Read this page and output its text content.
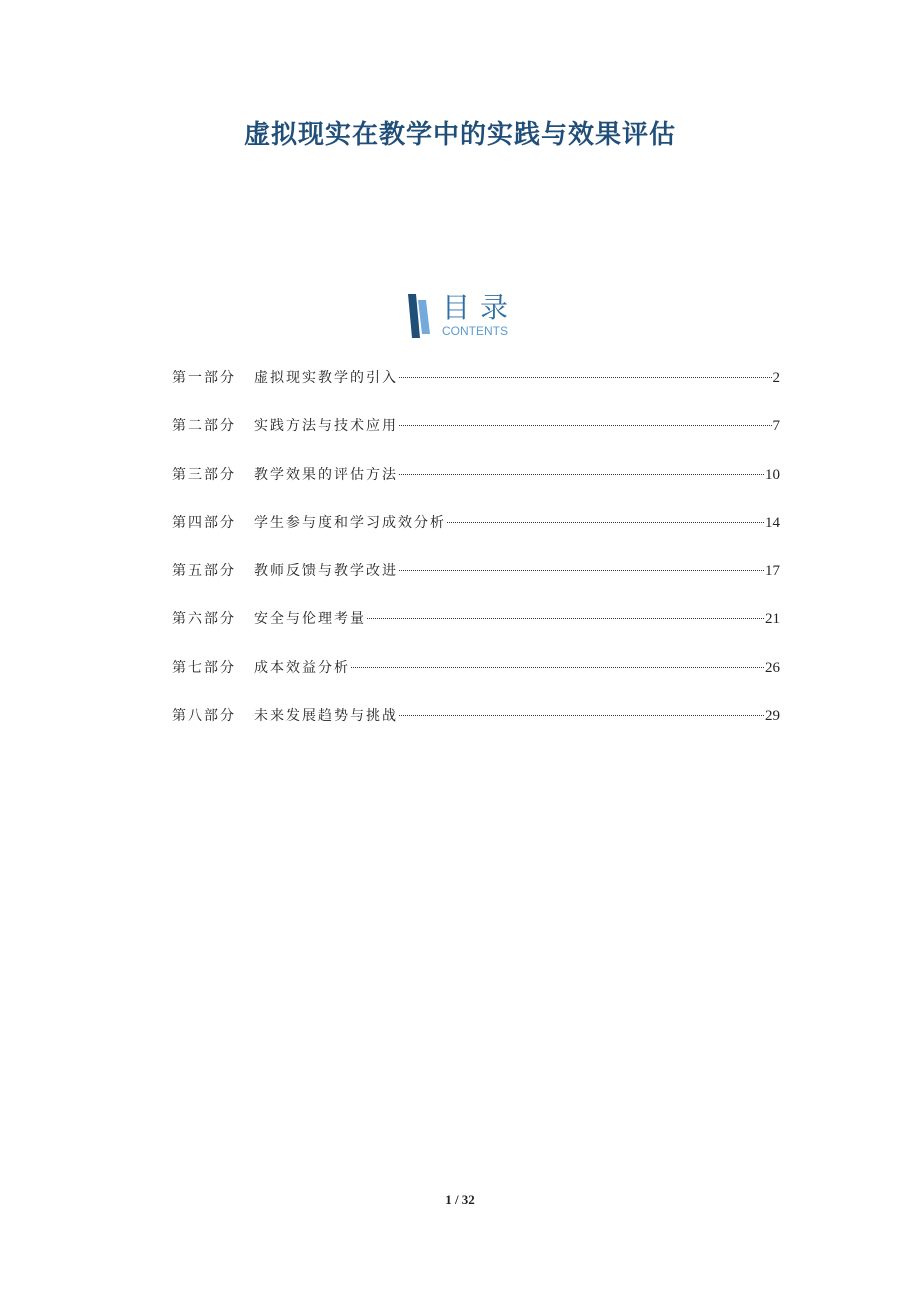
虚拟现实在教学中的实践与效果评估
目录
CONTENTS
第一部分	虚拟现实教学的引入	2
第二部分	实践方法与技术应用	7
第三部分	教学效果的评估方法	10
第四部分	学生参与度和学习成效分析	14
第五部分	教师反馈与教学改进	17
第六部分	安全与伦理考量	21
第七部分	成本效益分析	26
第八部分	未来发展趋势与挑战	29
1 / 32
